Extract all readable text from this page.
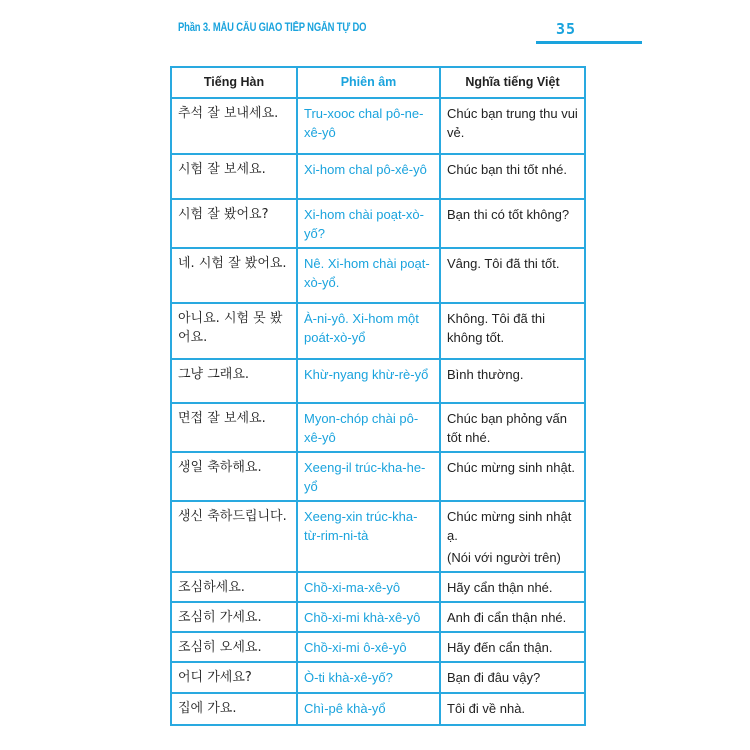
Phần 3. MẪU CÂU GIAO TIẾP NGẮN TỰ DO	35
Tiếng Hàn	Phiên âm	Nghĩa tiếng Việt
추석 잘 보내세요.	Tru-xooc chal pô-ne-xê-yô	Chúc bạn trung thu vui vẻ.
시험 잘 보세요.	Xi-hom chal pô-xê-yô	Chúc bạn thi tốt nhé.
시험 잘 봤어요?	Xi-hom chài poạt-xò-yố?	Bạn thi có tốt không?
네. 시험 잘 봤어요.	Nê. Xi-hom chài poạt-xò-yổ.	Vâng. Tôi đã thi tốt.
아니요. 시험 못 봤어요.	À-ni-yô. Xi-hom một poát-xò-yổ	Không. Tôi đã thi không tốt.
그냥 그래요.	Khừ-nyang khừ-rè-yổ	Bình thường.
면접 잘 보세요.	Myon-chóp chài pô-xê-yô	Chúc bạn phỏng vấn tốt nhé.
생일 축하해요.	Xeeng-il trúc-kha-he-yổ	Chúc mừng sinh nhật.
생신 축하드립니다.	Xeeng-xin trúc-kha-từ-rim-ni-tà	Chúc mừng sinh nhật ạ.
(Nói với người trên)

조심하세요.	Chồ-xi-ma-xê-yô	Hãy cẩn thận nhé.
조심히 가세요.	Chồ-xi-mi khà-xê-yô	Anh đi cẩn thận nhé.
조심히 오세요.	Chồ-xi-mi ô-xê-yô	Hãy đến cẩn thận.
어디 가세요?	Ò-ti khà-xê-yố?	Bạn đi đâu vậy?
집에 가요.	Chì-pê khà-yổ	Tôi đi về nhà.
